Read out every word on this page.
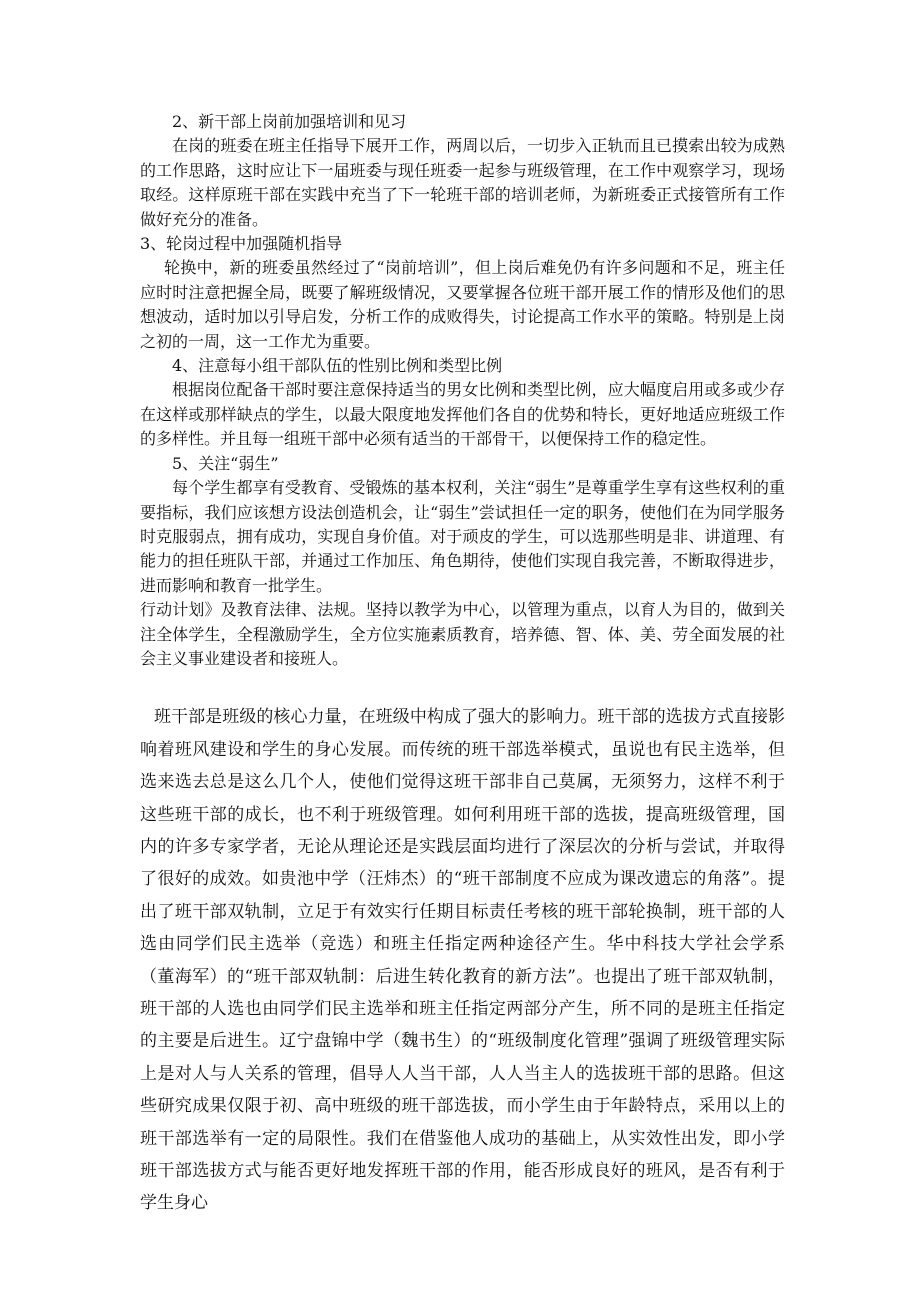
2、新干部上岗前加强培训和见习

在岗的班委在班主任指导下展开工作，两周以后，一切步入正轨而且已摸索出较为成熟的工作思路，这时应让下一届班委与现任班委一起参与班级管理，在工作中观察学习，现场取经。这样原班干部在实践中充当了下一轮班干部的培训老师，为新班委正式接管所有工作做好充分的准备。

3、轮岗过程中加强随机指导

轮换中，新的班委虽然经过了“岗前培训”，但上岗后难免仍有许多问题和不足，班主任应时时注意把握全局，既要了解班级情况，又要掌握各位班干部开展工作的情形及他们的思想波动，适时加以引导启发，分析工作的成败得失，讨论提高工作水平的策略。特别是上岗之初的一周，这一工作尤为重要。

4、注意每小组干部队伍的性别比例和类型比例

根据岗位配备干部时要注意保持适当的男女比例和类型比例，应大幅度启用或多或少存在这样或那样缺点的学生，以最大限度地发挥他们各自的优势和特长，更好地适应班级工作的多样性。并且每一组班干部中必须有适当的干部骨干，以便保持工作的稳定性。

5、关注“弱生”

每个学生都享有受教育、受锻炼的基本权利，关注“弱生”是尊重学生享有这些权利的重要指标，我们应该想方设法创造机会，让“弱生”尝试担任一定的职务，使他们在为同学服务时克服弱点，拥有成功，实现自身价值。对于顽皮的学生，可以选那些明是非、讲道理、有能力的担任班队干部，并通过工作加压、角色期待，使他们实现自我完善，不断取得进步，进而影响和教育一批学生。

行动计划》及教育法律、法规。坚持以教学为中心，以管理为重点，以育人为目的，做到关注全体学生，全程激励学生，全方位实施素质教育，培养德、智、体、美、劳全面发展的社会主义事业建设者和接班人。

班干部是班级的核心力量，在班级中构成了强大的影响力。班干部的选拔方式直接影响着班风建设和学生的身心发展。而传统的班干部选举模式，虽说也有民主选举，但选来选去总是这么几个人，使他们觉得这班干部非自己莫属，无须努力，这样不利于这些班干部的成长，也不利于班级管理。如何利用班干部的选拔，提高班级管理，国内的许多专家学者，无论从理论还是实践层面均进行了深层次的分析与尝试，并取得了很好的成效。如贵池中学（汪炜杰）的“班干部制度不应成为课改遗忘的角落”。提出了班干部双轨制，立足于有效实行任期目标责任考核的班干部轮换制，班干部的人选由同学们民主选举（竞选）和班主任指定两种途径产生。华中科技大学社会学系（董海军）的“班干部双轨制：后进生转化教育的新方法”。也提出了班干部双轨制，班干部的人选也由同学们民主选举和班主任指定两部分产生，所不同的是班主任指定的主要是后进生。辽宁盘锦中学（魏书生）的“班级制度化管理”强调了班级管理实际上是对人与人关系的管理，倡导人人当干部，人人当主人的选拔班干部的思路。但这些研究成果仅限于初、高中班级的班干部选拔，而小学生由于年龄特点，采用以上的班干部选举有一定的局限性。我们在借鉴他人成功的基础上，从实效性出发，即小学班干部选拔方式与能否更好地发挥班干部的作用，能否形成良好的班风，是否有利于学生身心
